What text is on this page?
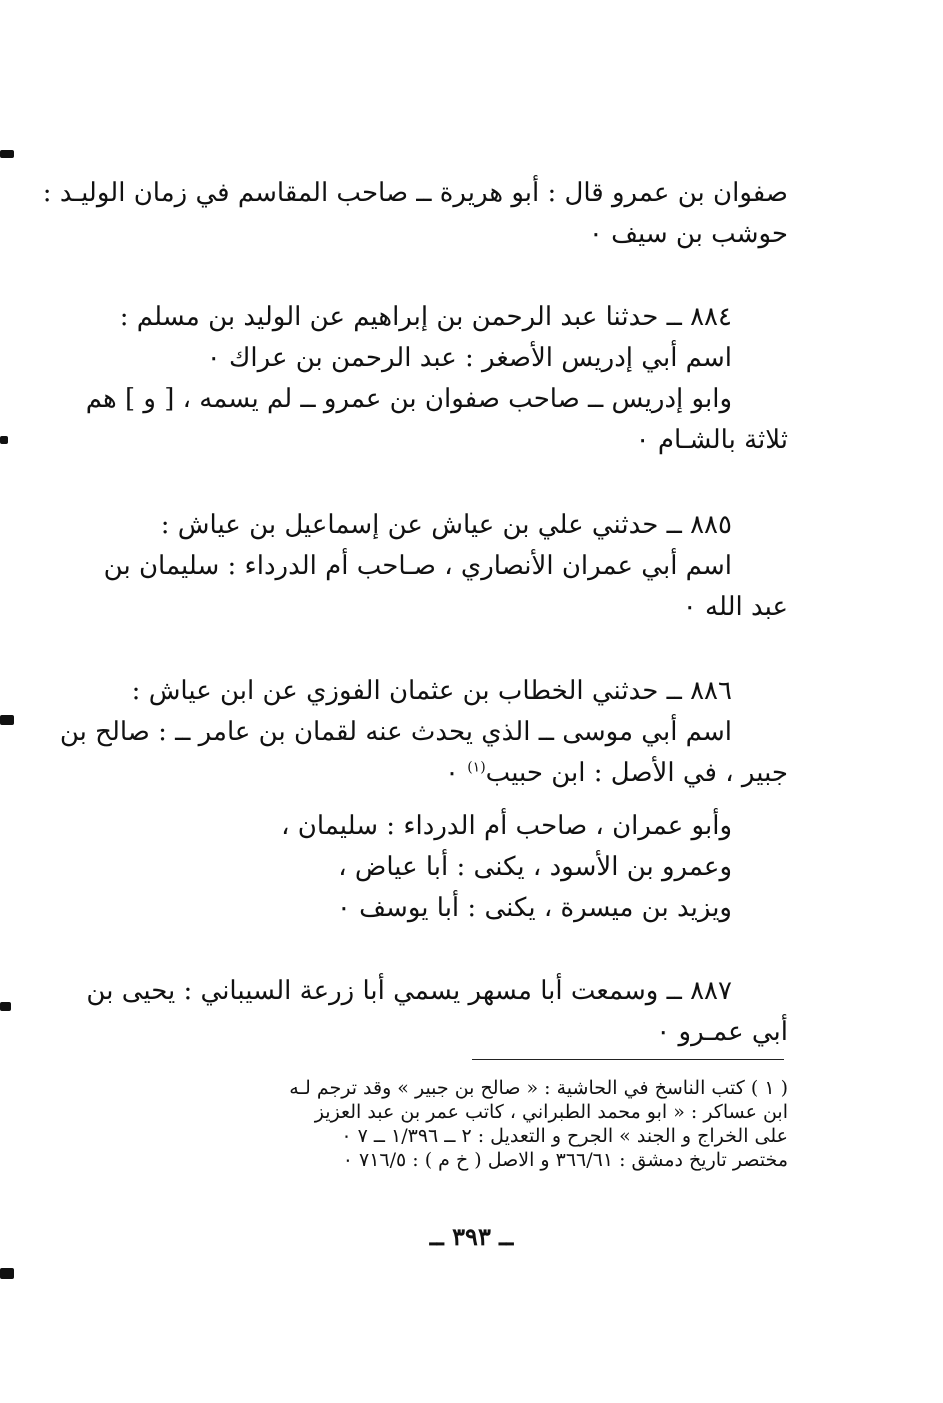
صفوان بن عمرو قال : أبو هريرة ــ صاحب المقاسم في زمان الوليـد :
حوشب بن سيف ٠
٨٨٤ ــ حدثنا عبد الرحمن بن إبراهيم عن الوليد بن مسلم :
اسم أبي إدريس الأصغر : عبد الرحمن بن عراك ٠
وابو إدريس ــ صاحب صفوان بن عمرو ــ لم يسمه ، [ و ] هم
ثلاثة بالشـام ٠
٨٨٥ ــ حدثني علي بن عياش عن إسماعيل بن عياش :
اسم أبي عمران الأنصاري ، صـاحب أم الدرداء : سليمان بن
عبد الله ٠
٨٨٦ ــ حدثني الخطاب بن عثمان الفوزي عن ابن عياش :
اسم أبي موسى ــ الذي يحدث عنه لقمان بن عامر ــ : صالح بن
جبير ، في الأصل : ابن حبيب$^{(١)}$ ٠
وأبو عمران ، صاحب أم الدرداء : سليمان ،
وعمرو بن الأسود ، يكنى : أبا عياض ،
ويزيد بن ميسرة ، يكنى : أبا يوسف ٠
٨٨٧ ــ وسمعت أبا مسهر يسمي أبا زرعة السيباني : يحيى بن
أبي عمـرو ٠
( ١ ) كتب الناسخ في الحاشية : « صالح بن جبير » وقد ترجم لـه
ابن عساكر : « ابو محمد الطبراني ، كاتب عمر بن عبد العزيز
على الخراج و الجند » الجرح و التعديل : ٢ ــ ١/٣٩٦ ــ ٧ ٠
مختصر تاريخ دمشق : ٣٦٦/٦١ و الاصل ( خ م ) : ٧١٦/٥ ٠
ــ ٣٩٣ ــ
